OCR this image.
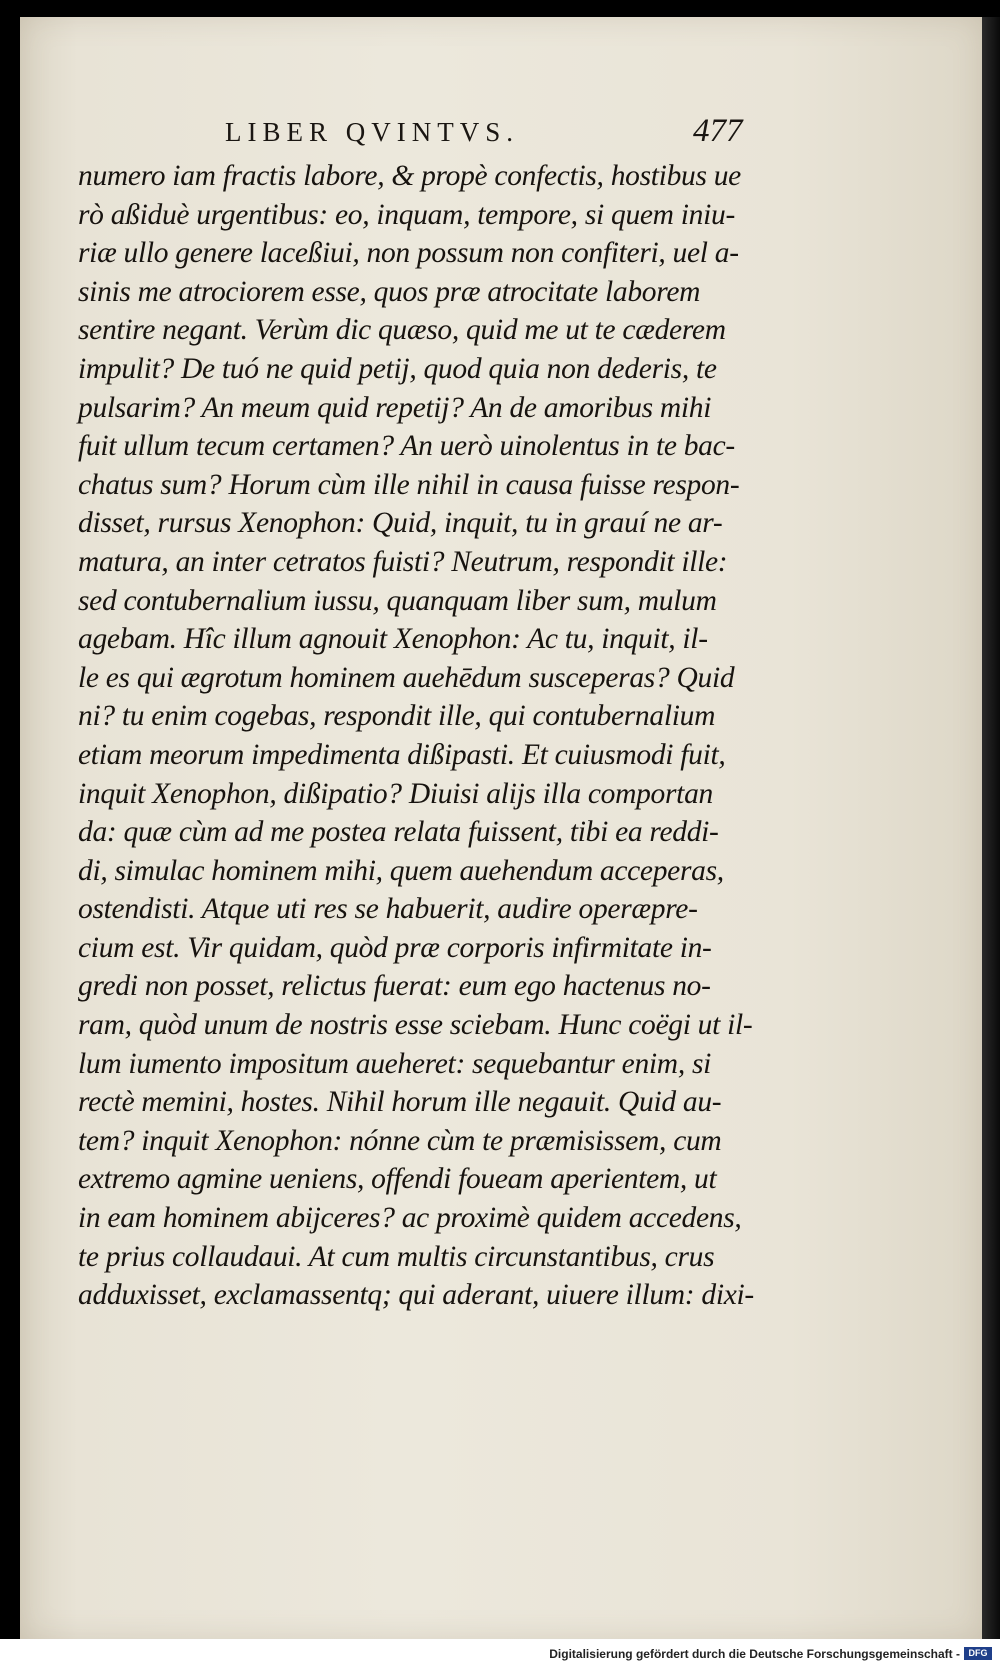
LIBER QVINTVS.	477
numero iam fractis labore, & propè confectis, hostibus ue
rò aßiduè urgentibus: eo, inquam, tempore, si quem iniu-
riæ ullo genere laceßiui, non possum non confiteri, uel a-
sinis me atrociorem esse, quos præ atrocitate laborem
sentire negant. Verùm dic quæso, quid me ut te cæderem
impulit? De tuó ne quid petij, quod quia non dederis, te
pulsarim? An meum quid repetij? An de amoribus mihi
fuit ullum tecum certamen? An uerò uinolentus in te bac-
chatus sum? Horum cùm ille nihil in causa fuisse respon-
disset, rursus Xenophon: Quid, inquit, tu in grauí ne ar-
matura, an inter cetratos fuisti? Neutrum, respondit ille:
sed contubernalium iussu, quanquam liber sum, mulum
agebam. Hîc illum agnouit Xenophon: Ac tu, inquit, il-
le es qui ægrotum hominem auehēdum susceperas? Quid
ni? tu enim cogebas, respondit ille, qui contubernalium
etiam meorum impedimenta dißipasti. Et cuiusmodi fuit,
inquit Xenophon, dißipatio? Diuisi alijs illa comportan
da: quæ cùm ad me postea relata fuissent, tibi ea reddi-
di, simulac hominem mihi, quem auehendum acceperas,
ostendisti. Atque uti res se habuerit, audire operæpre-
cium est. Vir quidam, quòd præ corporis infirmitate in-
gredi non posset, relictus fuerat: eum ego hactenus no-
ram, quòd unum de nostris esse sciebam. Hunc coëgi ut il-
lum iumento impositum aueheret: sequebantur enim, si
rectè memini, hostes. Nihil horum ille negauit. Quid au-
tem? inquit Xenophon: nónne cùm te præmisissem, cum
extremo agmine ueniens, offendi foueam aperientem, ut
in eam hominem abijceres? ac proximè quidem accedens,
te prius collaudaui. At cum multis circunstantibus, crus
adduxisset, exclamassentq; qui aderant, uiuere illum: dixi-
Digitalisierung gefördert durch die Deutsche Forschungsgemeinschaft - DFG
